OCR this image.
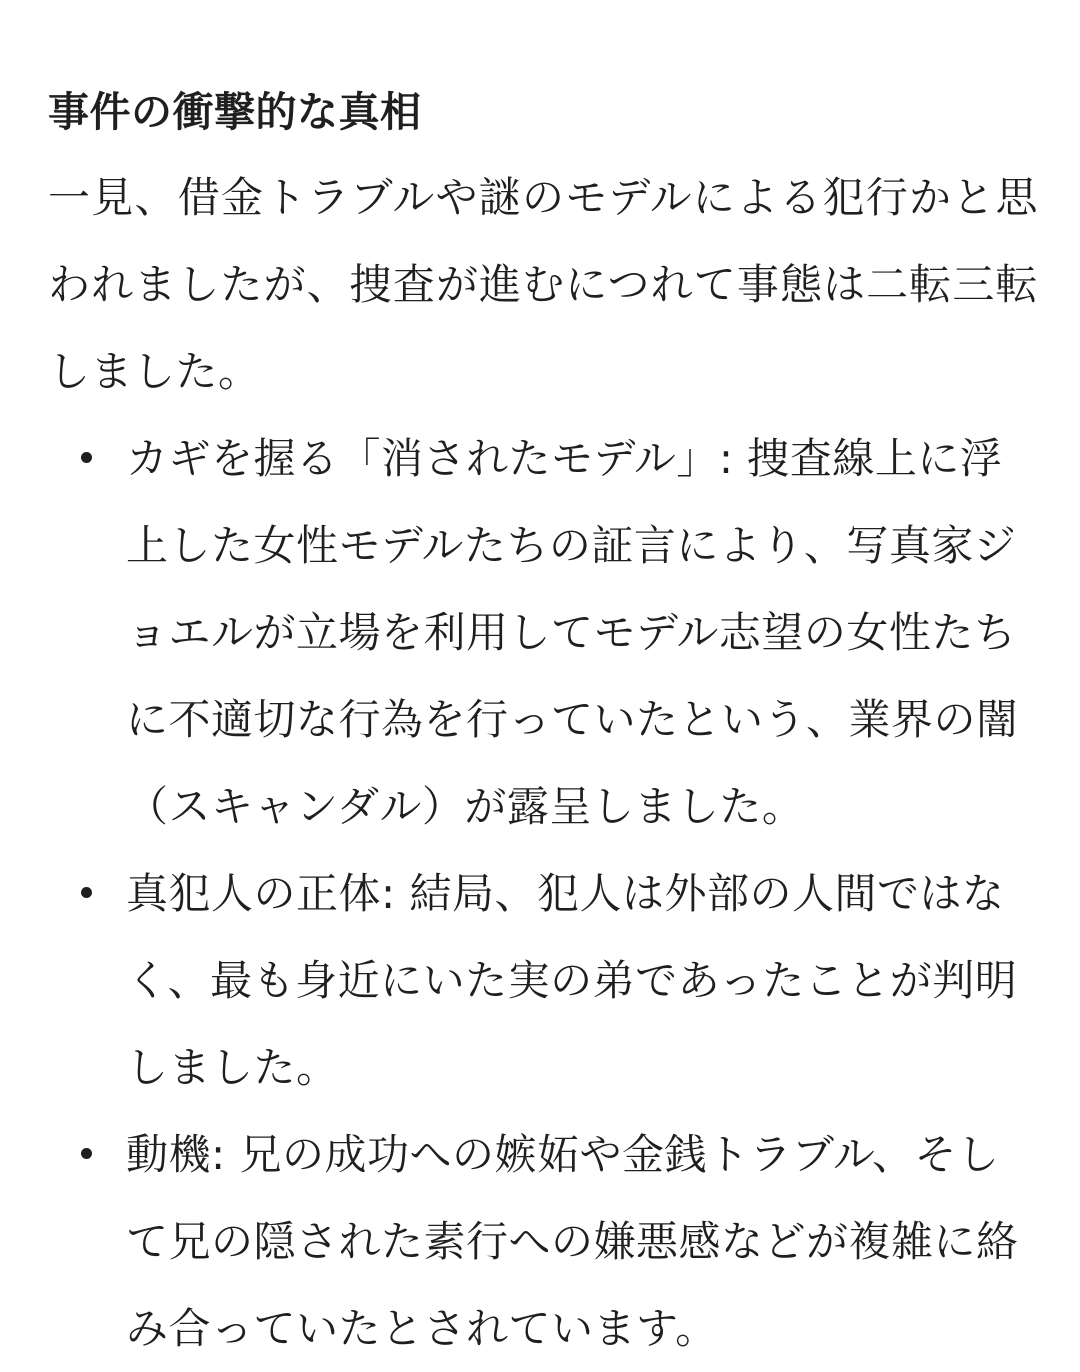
事件の衝撃的な真相

一見、借金トラブルや謎のモデルによる犯行かと思われましたが、捜査が進むにつれて事態は二転三転しました。

カギを握る「消されたモデル」: 捜査線上に浮上した女性モデルたちの証言により、写真家ジョエルが立場を利用してモデル志望の女性たちに不適切な行為を行っていたという、業界の闇（スキャンダル）が露呈しました。
真犯人の正体: 結局、犯人は外部の人間ではなく、最も身近にいた実の弟であったことが判明しました。
動機: 兄の成功への嫉妬や金銭トラブル、そして兄の隠された素行への嫌悪感などが複雑に絡み合っていたとされています。
